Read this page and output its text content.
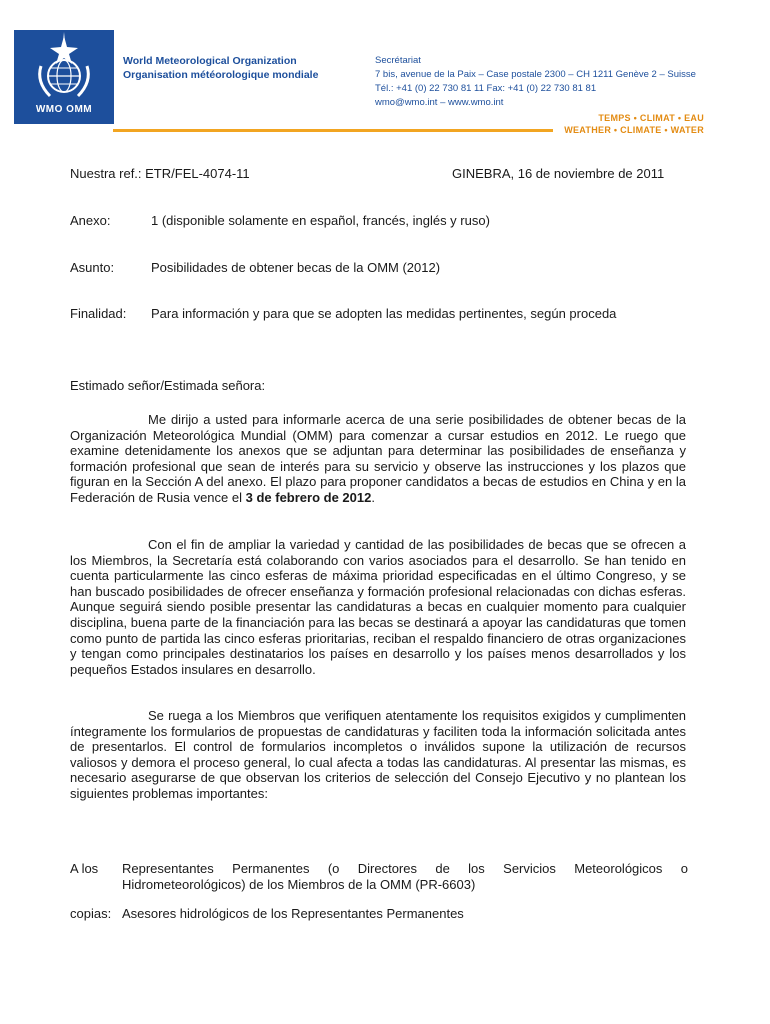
WMO OMM
World Meteorological Organization
Organisation météorologique mondiale
Secrétariat
7 bis, avenue de la Paix – Case postale 2300 – CH 1211 Genève 2 – Suisse
Tél.: +41 (0) 22 730 81 11 Fax: +41 (0) 22 730 81 81
wmo@wmo.int – www.wmo.int
TEMPS • CLIMAT • EAU
WEATHER • CLIMATE • WATER
Nuestra ref.: ETR/FEL-4074-11	GINEBRA, 16 de noviembre de 2011
Anexo:	1 (disponible solamente en español, francés, inglés y ruso)
Asunto:	Posibilidades de obtener becas de la OMM (2012)
Finalidad: Para información y para que se adopten las medidas pertinentes, según proceda
Estimado señor/Estimada señora:

Me dirijo a usted para informarle acerca de una serie posibilidades de obtener becas de la Organización Meteorológica Mundial (OMM) para comenzar a cursar estudios en 2012. Le ruego que examine detenidamente los anexos que se adjuntan para determinar las posibilidades de enseñanza y formación profesional que sean de interés para su servicio y observe las instrucciones y los plazos que figuran en la Sección A del anexo. El plazo para proponer candidatos a becas de estudios en China y en la Federación de Rusia vence el 3 de febrero de 2012.

Con el fin de ampliar la variedad y cantidad de las posibilidades de becas que se ofrecen a los Miembros, la Secretaría está colaborando con varios asociados para el desarrollo. Se han tenido en cuenta particularmente las cinco esferas de máxima prioridad especificadas en el último Congreso, y se han buscado posibilidades de ofrecer enseñanza y formación profesional relacionadas con dichas esferas. Aunque seguirá siendo posible presentar las candidaturas a becas en cualquier momento para cualquier disciplina, buena parte de la financiación para las becas se destinará a apoyar las candidaturas que tomen como punto de partida las cinco esferas prioritarias, reciban el respaldo financiero de otras organizaciones y tengan como principales destinatarios los países en desarrollo y los países menos desarrollados y los pequeños Estados insulares en desarrollo.

Se ruega a los Miembros que verifiquen atentamente los requisitos exigidos y cumplimenten íntegramente los formularios de propuestas de candidaturas y faciliten toda la información solicitada antes de presentarlos. El control de formularios incompletos o inválidos supone la utilización de recursos valiosos y demora el proceso general, lo cual afecta a todas las candidaturas. Al presentar las mismas, es necesario asegurarse de que observan los criterios de selección del Consejo Ejecutivo y no plantean los siguientes problemas importantes:

A los Representantes Permanentes (o Directores de los Servicios Meteorológicos o Hidrometeorológicos) de los Miembros de la OMM (PR-6603)
copias: Asesores hidrológicos de los Representantes Permanentes
